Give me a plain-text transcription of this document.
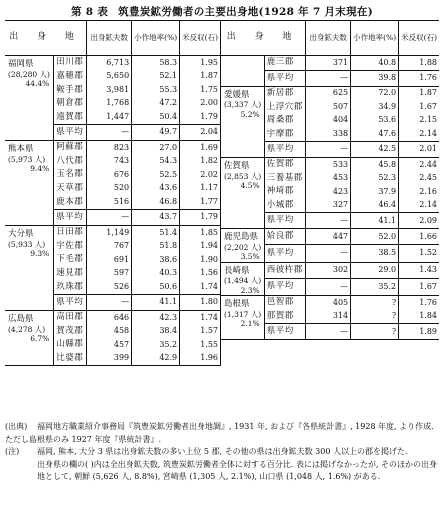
第 8 表 筑豊炭鉱労働者の主要出身地(1928 年 7 月末現在)
出 身 地		出身鉱夫数	小作地率(%)	米反収(石)
福岡県
(28,280 人)
44.4%	田川郡	6,713	58.3	1.95
	嘉穂郡	5,650	52.1	1.87
	鞍手郡	3,981	55.3	1.75
	朝倉郡	1,768	47.2	2.00
	遠賀郡	1,447	50.4	1.79
	県平均	—	49.7	2.04
熊本県
(5,973 人)
9.4%	阿蘇郡	823	27.0	1.69
	八代郡	743	54.3	1.82
	玉名郡	676	52.5	2.02
	天草郡	520	43.6	1.17
	鹿本郡	516	46.8	1.77
	県平均	—	43.7	1.79
大分県
(5,933 人)
9.3%	日田郡	1,149	51.4	1.85
	宇佐郡	767	51.8	1.94
	下毛郡	691	38.6	1.90
	速見郡	597	40.3	1.56
	玖珠郡	526	50.6	1.74
	県平均	—	41.1	1.80
広島県
(4,278 人)
6.7%	高田郡	646	42.3	1.74
	賀茂郡	458	38.4	1.57
	山縣郡	457	35.2	1.55
	比婆郡	399	42.9	1.96
出 身 地		出身鉱夫数	小作地率(%)	米反収(石)

	鹿三郡	371	40.8	1.88
	県平均	—	39.8	1.76
愛媛県
(3,337 人)
5.2%	新居郡	625	72.0	1.87
	上浮穴郡	507	34.9	1.67
	周桑郡	404	53.6	2.15
	宇摩郡	338	47.6	2.14
	県平均	—	42.5	2.01
佐賀県
(2,853 人)
4.5%	佐賀郡	533	45.8	2.44
	三養基郡	453	52.3	2.45
	神埼郡	423	37.9	2.16
	小城郡	327	46.4	2.14
	県平均	—	41.1	2.09
鹿児島県
(2,202 人)
3.5%	姶良郡	447	52.0	1.66
	県平均	—	38.5	1.52
長崎県
(1,494 人)
2.3%	西彼杵郡	302	29.0	1.43
	県平均	—	35.2	1.67
島根県
(1,317 人)
2.1%	邑智郡	405	?	1.76
	那賀郡	314	?	1.84
	県平均	—	?	1.89

(出典) 福岡地方職業紹介事務局『筑豊炭鉱労働者出身地調』, 1931 年, および『各県統計書』, 1928 年度, より作成. ただし島根県のみ 1927 年度『県統計書』.

(注) 福岡, 熊本, 大分 3 県は出身鉱夫数の多い上位 5 郡, その他の県は出身鉱夫数 300 人以上の郡を掲げた.

出身県の欄の( )内は全出身鉱夫数, 筑豊炭鉱労働者全体に対する百分比. 表には掲げなかったが, そのほかの出身地として, 朝鮮 (5,626 人, 8.8%), 宮崎県 (1,305 人, 2.1%), 山口県 (1,048 人, 1.6%) がある.
